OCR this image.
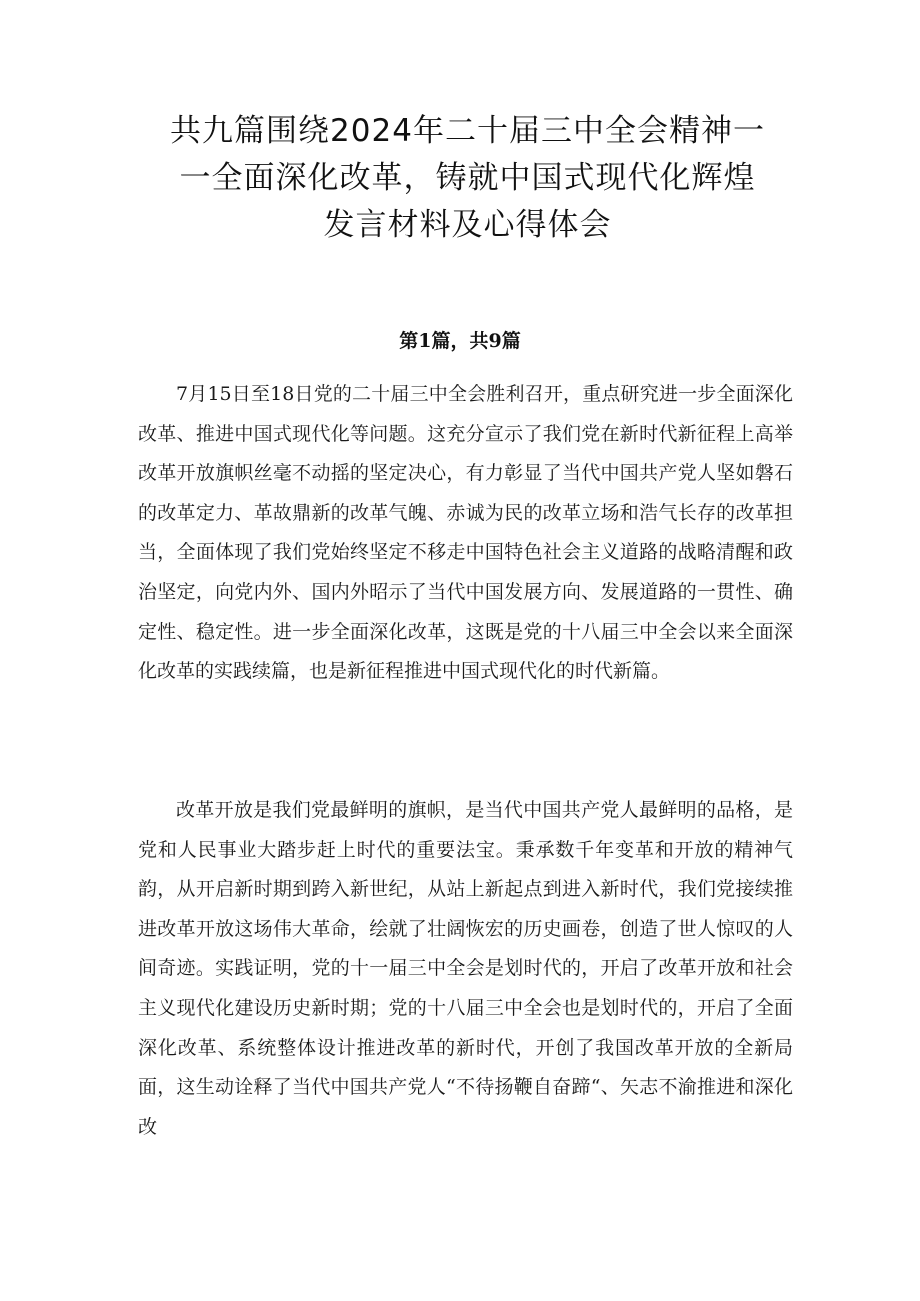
共九篇围绕2024年二十届三中全会精神一
一全面深化改革，铸就中国式现代化辉煌
发言材料及心得体会
第1篇，共9篇

7月15日至18日党的二十届三中全会胜利召开，重点研究进一步全面深化改革、推进中国式现代化等问题。这充分宣示了我们党在新时代新征程上高举改革开放旗帜丝毫不动摇的坚定决心，有力彰显了当代中国共产党人坚如磐石的改革定力、革故鼎新的改革气魄、赤诚为民的改革立场和浩气长存的改革担当，全面体现了我们党始终坚定不移走中国特色社会主义道路的战略清醒和政治坚定，向党内外、国内外昭示了当代中国发展方向、发展道路的一贯性、确定性、稳定性。进一步全面深化改革，这既是党的十八届三中全会以来全面深化改革的实践续篇，也是新征程推进中国式现代化的时代新篇。

改革开放是我们党最鲜明的旗帜，是当代中国共产党人最鲜明的品格，是党和人民事业大踏步赶上时代的重要法宝。秉承数千年变革和开放的精神气韵，从开启新时期到跨入新世纪，从站上新起点到进入新时代，我们党接续推进改革开放这场伟大革命，绘就了壮阔恢宏的历史画卷，创造了世人惊叹的人间奇迹。实践证明，党的十一届三中全会是划时代的，开启了改革开放和社会主义现代化建设历史新时期；党的十八届三中全会也是划时代的，开启了全面深化改革、系统整体设计推进改革的新时代，开创了我国改革开放的全新局面，这生动诠释了当代中国共产党人“不待扬鞭自奋蹄“、矢志不渝推进和深化改
